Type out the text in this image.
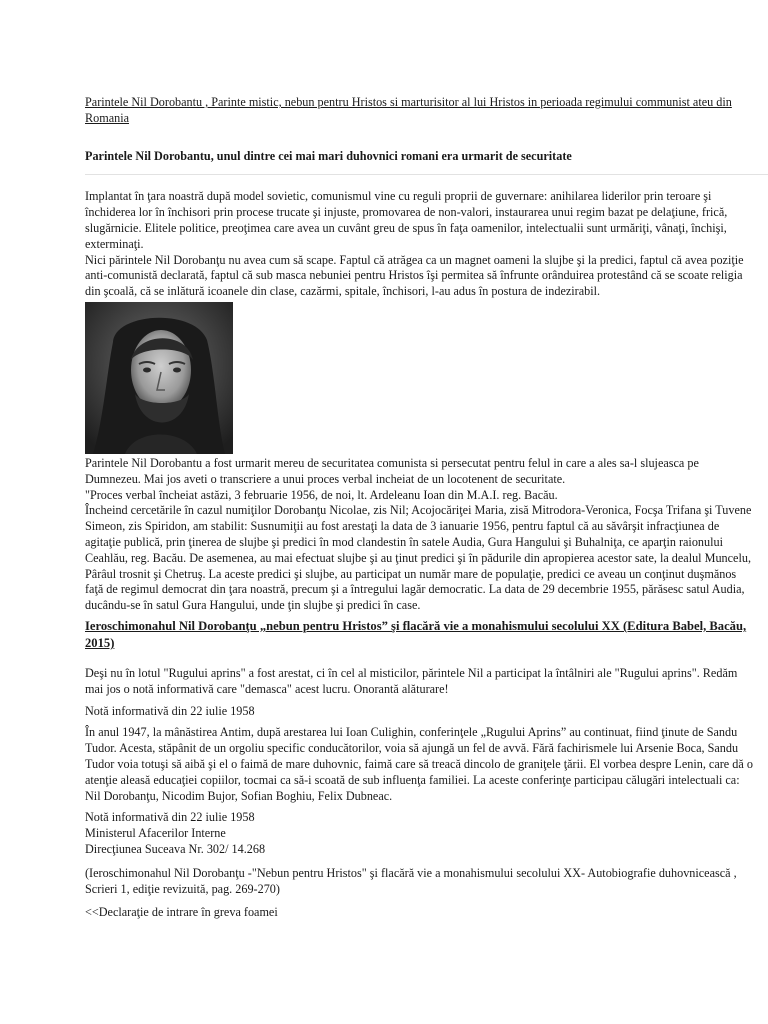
Parintele Nil Dorobantu , Parinte mistic, nebun pentru Hristos si marturisitor al lui Hristos in perioada regimului communist ateu din Romania

Parintele Nil Dorobantu, unul dintre cei mai mari duhovnici romani era urmarit de securitate

Implantat în ţara noastră după model sovietic, comunismul vine cu reguli proprii de guvernare: anihilarea liderilor prin teroare şi închiderea lor în închisori prin procese trucate şi injuste, promovarea de non-valori, instaurarea unui regim bazat pe delaţiune, frică, slugărnicie. Elitele politice, preoţimea care avea un cuvânt greu de spus în faţa oamenilor, intelectualii sunt urmăriţi, vânaţi, închişi, exterminaţi.

Nici părintele Nil Dorobanţu nu avea cum să scape. Faptul că atrăgea ca un magnet oameni la slujbe şi la predici, faptul că avea poziţie anti-comunistă declarată, faptul că sub masca nebuniei pentru Hristos îşi permitea să înfrunte orânduirea protestând că se scoate religia din şcoală, că se inlătură icoanele din clase, cazărmi, spitale, închisori, l-au adus în postura de indezirabil.

Parintele Nil Dorobantu a fost urmarit mereu de securitatea comunista si persecutat pentru felul in care a ales sa-l slujeasca pe Dumnezeu. Mai jos aveti o transcriere a unui proces verbal incheiat de un locotenent de securitate.

"Proces verbal încheiat astăzi, 3 februarie 1956, de noi, lt. Ardeleanu Ioan din M.A.I. reg. Bacău.

Încheind cercetările în cazul numiţilor Dorobanţu Nicolae, zis Nil; Acojocăriţei Maria, zisă Mitrodora-Veronica, Focşa Trifana şi Tuvene Simeon, zis Spiridon, am stabilit: Susnumiţii au fost arestaţi la data de 3 ianuarie 1956, pentru faptul că au săvârşit infracţiunea de agitaţie publică, prin ţinerea de slujbe şi predici în mod clandestin în satele Audia, Gura Hangului şi Buhalniţa, ce aparţin raionului Ceahlău, reg. Bacău. De asemenea, au mai efectuat slujbe şi au ţinut predici şi în pădurile din apropierea acestor sate, la dealul Muncelu, Pârâul trosnit şi Chetruş. La aceste predici şi slujbe, au participat un număr mare de populaţie, predici ce aveau un conţinut duşmănos faţă de regimul democrat din ţara noastră, precum şi a întregului lagăr democratic. La data de 29 decembrie 1955, părăsesc satul Audia, ducându-se în satul Gura Hangului, unde ţin slujbe şi predici în case.

Ieroschimonahul Nil Dorobanţu „nebun pentru Hristos” şi flacără vie a monahismului secolului XX (Editura Babel, Bacău, 2015)

Deşi nu în lotul "Rugului aprins" a fost arestat, ci în cel al misticilor, părintele Nil a participat la întâlniri ale "Rugului aprins". Redăm mai jos o notă informativă care "demasca" acest lucru. Onorantă alăturare!

Notă informativă din 22 iulie 1958

În anul 1947, la mânăstirea Antim, după arestarea lui Ioan Culighin, conferinţele „Rugului Aprins” au continuat, fiind ţinute de Sandu Tudor. Acesta, stăpânit de un orgoliu specific conducătorilor, voia să ajungă un fel de avvă. Fără fachirismele lui Arsenie Boca, Sandu Tudor voia totuşi să aibă şi el o faimă de mare duhovnic, faimă care să treacă dincolo de graniţele ţării. El vorbea despre Lenin, care dă o atenţie aleasă educaţiei copiilor, tocmai ca să-i scoată de sub influenţa familiei. La aceste conferinţe participau călugări intelectuali ca: Nil Dorobanţu, Nicodim Bujor, Sofian Boghiu, Felix Dubneac.

Notă informativă din 22 iulie 1958

Ministerul Afacerilor Interne

Direcţiunea Suceava Nr. 302/ 14.268

(Ieroschimonahul Nil Dorobanţu -"Nebun pentru Hristos" şi flacără vie a monahismului secolului XX- Autobiografie duhovnicească , Scrieri 1, ediţie revizuită, pag. 269-270)

<<Declaraţie de intrare în greva foamei
